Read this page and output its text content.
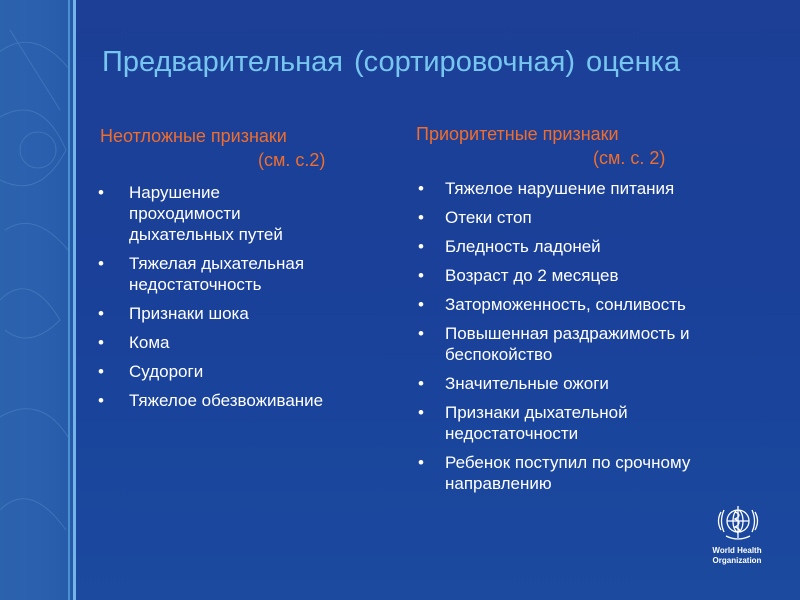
Предварительная (сортировочная) оценка
Неотложные признаки
(см. с.2)
•	Нарушение проходимости дыхательных путей
•	Тяжелая дыхательная недостаточность
•	Признаки шока
•	Кома
•	Судороги
•	Тяжелое обезвоживание
Приоритетные признаки
(см. с. 2)
•	Тяжелое нарушение питания
•	Отеки стоп
•	Бледность ладоней
•	Возраст до 2 месяцев
•	Заторможенность, сонливость
•	Повышенная раздражимость и беспокойство
•	Значительные ожоги
•	Признаки дыхательной недостаточности
•	Ребенок поступил по срочному направлению
World Health
Organization
